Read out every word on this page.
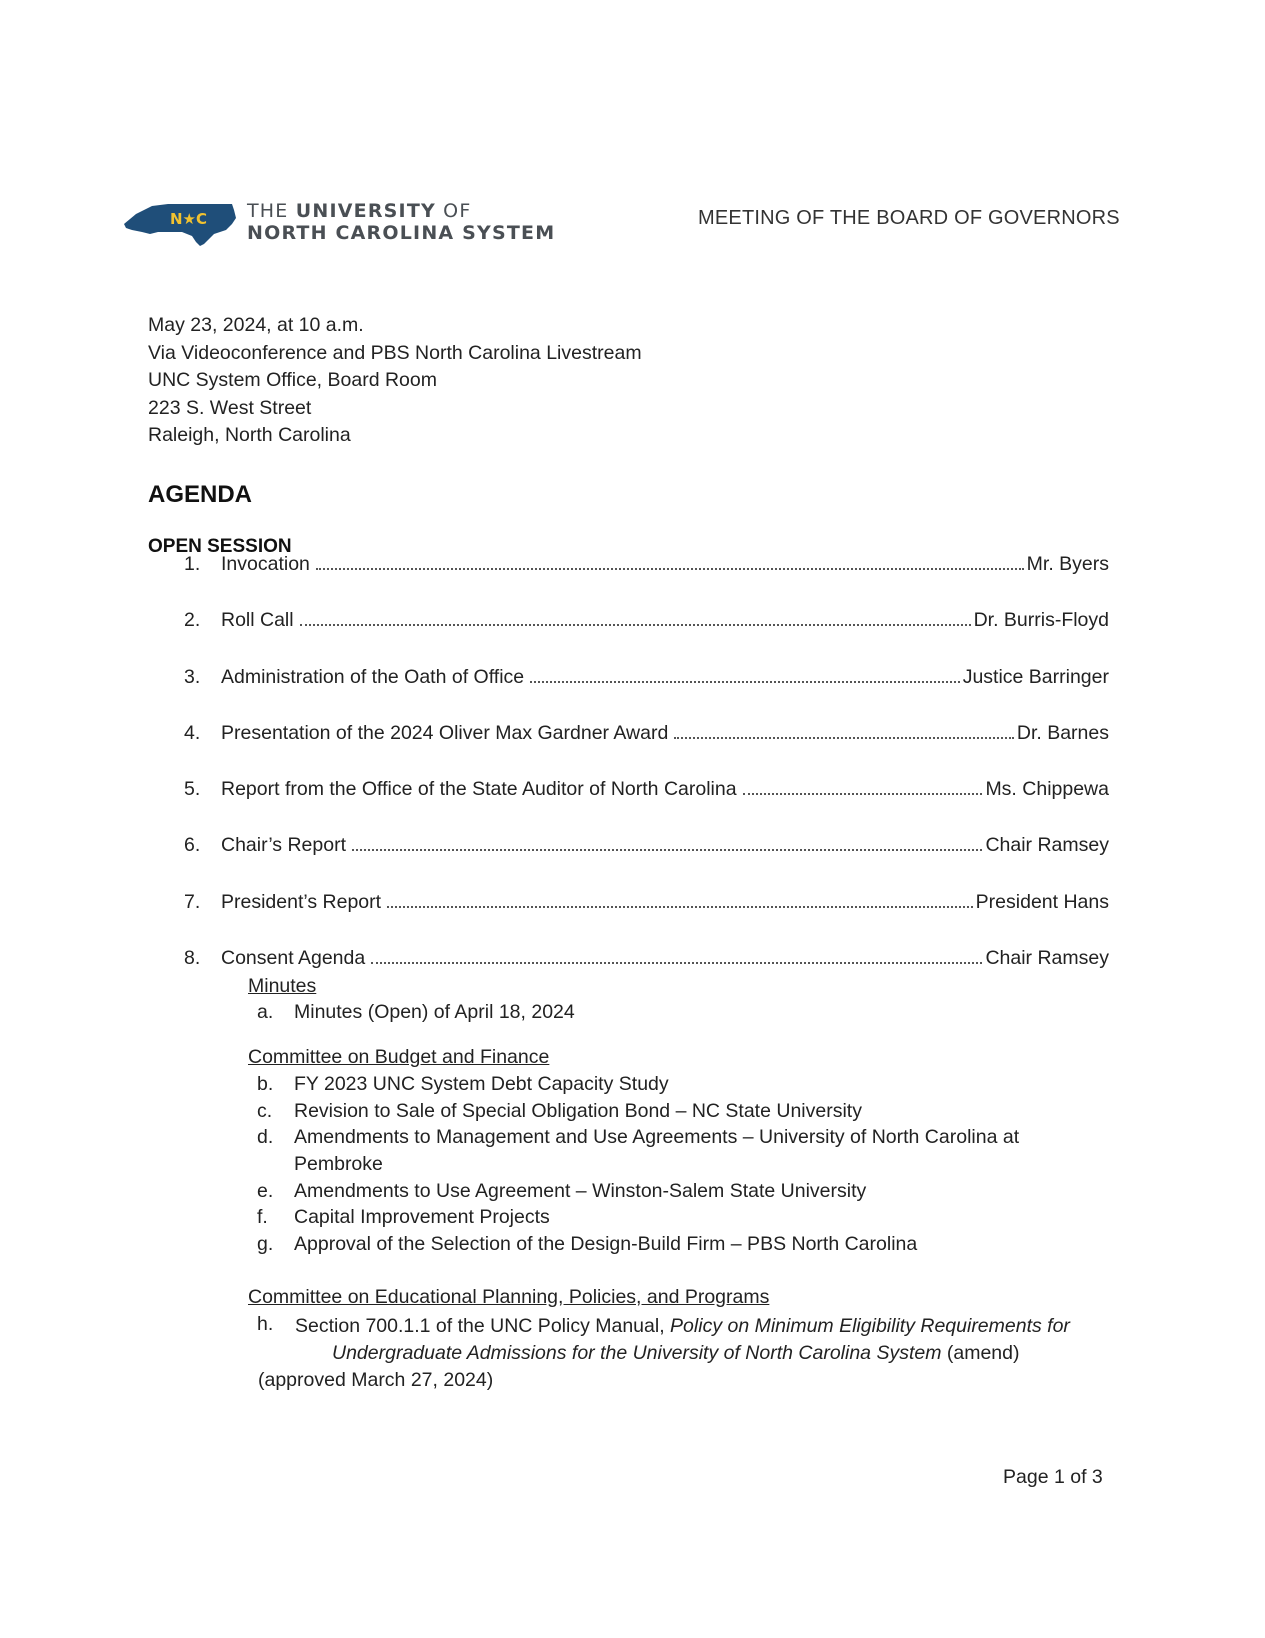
N★C THE UNIVERSITY OF
NORTH CAROLINA SYSTEM
MEETING OF THE BOARD OF GOVERNORS
May 23, 2024, at 10 a.m.
Via Videoconference and PBS North Carolina Livestream
UNC System Office, Board Room
223 S. West Street
Raleigh, North Carolina
AGENDA
OPEN SESSION
1. Invocation	Mr. Byers
2. Roll Call	Dr. Burris-Floyd
3. Administration of the Oath of Office	Justice Barringer
4. Presentation of the 2024 Oliver Max Gardner Award	Dr. Barnes
5. Report from the Office of the State Auditor of North Carolina	Ms. Chippewa
6. Chair’s Report	Chair Ramsey
7. President’s Report	President Hans
8. Consent Agenda	Chair Ramsey
Minutes
a. Minutes (Open) of April 18, 2024
Committee on Budget and Finance
b. FY 2023 UNC System Debt Capacity Study
c. Revision to Sale of Special Obligation Bond – NC State University
d. Amendments to Management and Use Agreements – University of North Carolina at
Pembroke
e. Amendments to Use Agreement – Winston-Salem State University
f. Capital Improvement Projects
g. Approval of the Selection of the Design-Build Firm – PBS North Carolina
Committee on Educational Planning, Policies, and Programs
h. Section 700.1.1 of the UNC Policy Manual, Policy on Minimum Eligibility Requirements for Undergraduate Admissions for the University of North Carolina System (amend)
(approved March 27, 2024)
Page 1 of 3
